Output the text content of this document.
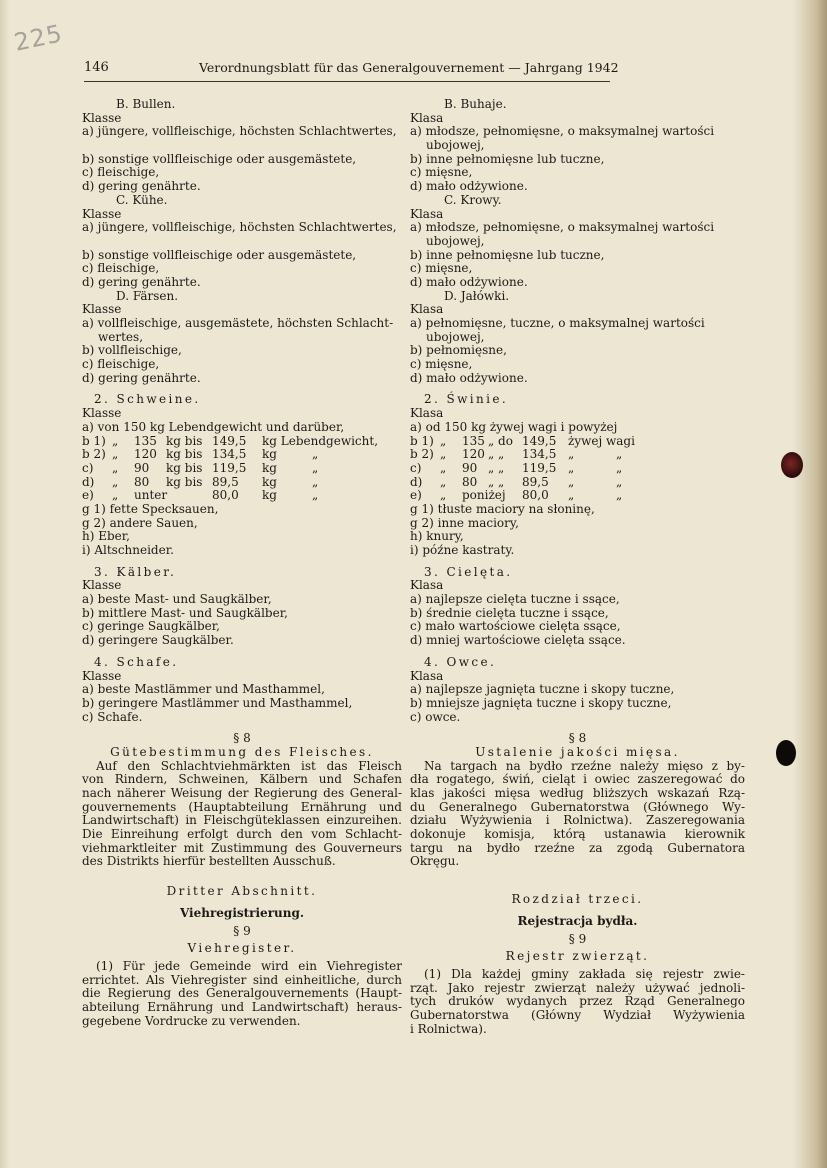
225
146	Verordnungsblatt für das Generalgouvernement — Jahrgang 1942
B. Bullen.
Klasse
a) jüngere, vollfleischige, höchsten Schlachtwertes,
b) sonstige vollfleischige oder ausgemästete,
c) fleischige,
d) gering genährte.
C. Kühe.
Klasse
a) jüngere, vollfleischige, höchsten Schlachtwertes,
b) sonstige vollfleischige oder ausgemästete,
c) fleischige,
d) gering genährte.
D. Färsen.
Klasse
a) vollfleischige, ausgemästete, höchsten Schlacht-
wertes,
b) vollfleischige,
c) fleischige,
d) gering genährte.
2. Schweine.
Klasse
a) von 150 kg Lebendgewicht und darüber,
b 1) „ 135 kg bis 149,5 kg Lebendgewicht,
b 2) „ 120 kg bis 134,5 kg	„
c) „ 90 kg bis 119,5 kg	„
d) „ 80 kg bis 89,5 kg	„
e) „ unter	80,0 kg	„
g 1) fette Specksauen,
g 2) andere Sauen,
h) Eber,
i) Altschneider.
3. Kälber.
Klasse
a) beste Mast- und Saugkälber,
b) mittlere Mast- und Saugkälber,
c) geringe Saugkälber,
d) geringere Saugkälber.
4. Schafe.
Klasse
a) beste Mastlämmer und Masthammel,
b) geringere Mastlämmer und Masthammel,
c) Schafe.
§ 8
Gütebestimmung des Fleisches.
Auf den Schlachtviehmärkten ist das Fleisch
von Rindern, Schweinen, Kälbern und Schafen
nach näherer Weisung der Regierung des General-
gouvernements (Hauptabteilung Ernährung und
Landwirtschaft) in Fleischgüteklassen einzureihen.
Die Einreihung erfolgt durch den vom Schlacht-
viehmarktleiter mit Zustimmung des Gouverneurs
des Distrikts hierfür bestellten Ausschuß.
Dritter Abschnitt.
Viehregistrierung.
§ 9
Viehregister.
(1) Für jede Gemeinde wird ein Viehregister
errichtet. Als Viehregister sind einheitliche, durch
die Regierung des Generalgouvernements (Haupt-
abteilung Ernährung und Landwirtschaft) heraus-
gegebene Vordrucke zu verwenden.
B. Buhaje.
Klasa
a) młodsze, pełnomięsne, o maksymalnej wartości
ubojowej,
b) inne pełnomięsne lub tuczne,
c) mięsne,
d) mało odżywione.
C. Krowy.
Klasa
a) młodsze, pełnomięsne, o maksymalnej wartości
ubojowej,
b) inne pełnomięsne lub tuczne,
c) mięsne,
d) mało odżywione.
D. Jałówki.
Klasa
a) pełnomięsne, tuczne, o maksymalnej wartości
ubojowej,
b) pełnomięsne,
c) mięsne,
d) mało odżywione.
2. Świnie.
Klasa
a) od 150 kg żywej wagi i powyżej
b 1) „ 135 „ do 149,5 żywej wagi
b 2) „ 120 „ „ 134,5 „	„
c) „ 90 „ „ 119,5 „	„
d) „ 80 „ „ 89,5 „	„
e) „ poniżej 80,0 „	„
g 1) tłuste maciory na słoninę,
g 2) inne maciory,
h) knury,
i) późne kastraty.
3. Cielęta.
Klasa
a) najlepsze cielęta tuczne i ssące,
b) średnie cielęta tuczne i ssące,
c) mało wartościowe cielęta ssące,
d) mniej wartościowe cielęta ssące.
4. Owce.
Klasa
a) najlepsze jagnięta tuczne i skopy tuczne,
b) mniejsze jagnięta tuczne i skopy tuczne,
c) owce.
§ 8
Ustalenie jakości mięsa.
Na targach na bydło rzeźne należy mięso z by-
dła rogatego, świń, cieląt i owiec zaszeregować do
klas jakości mięsa według bliższych wskazań Rzą-
du Generalnego Gubernatorstwa (Głównego Wy-
działu Wyżywienia i Rolnictwa). Zaszeregowania
dokonuje komisja, którą ustanawia kierownik
targu na bydło rzeźne za zgodą Gubernatora
Okręgu.
Rozdział trzeci.
Rejestracja bydła.
§ 9
Rejestr zwierząt.
(1) Dla każdej gminy zakłada się rejestr zwie-
rząt. Jako rejestr zwierząt należy używać jednoli-
tych druków wydanych przez Rząd Generalnego
Gubernatorstwa (Główny Wydział Wyżywienia
i Rolnictwa).
